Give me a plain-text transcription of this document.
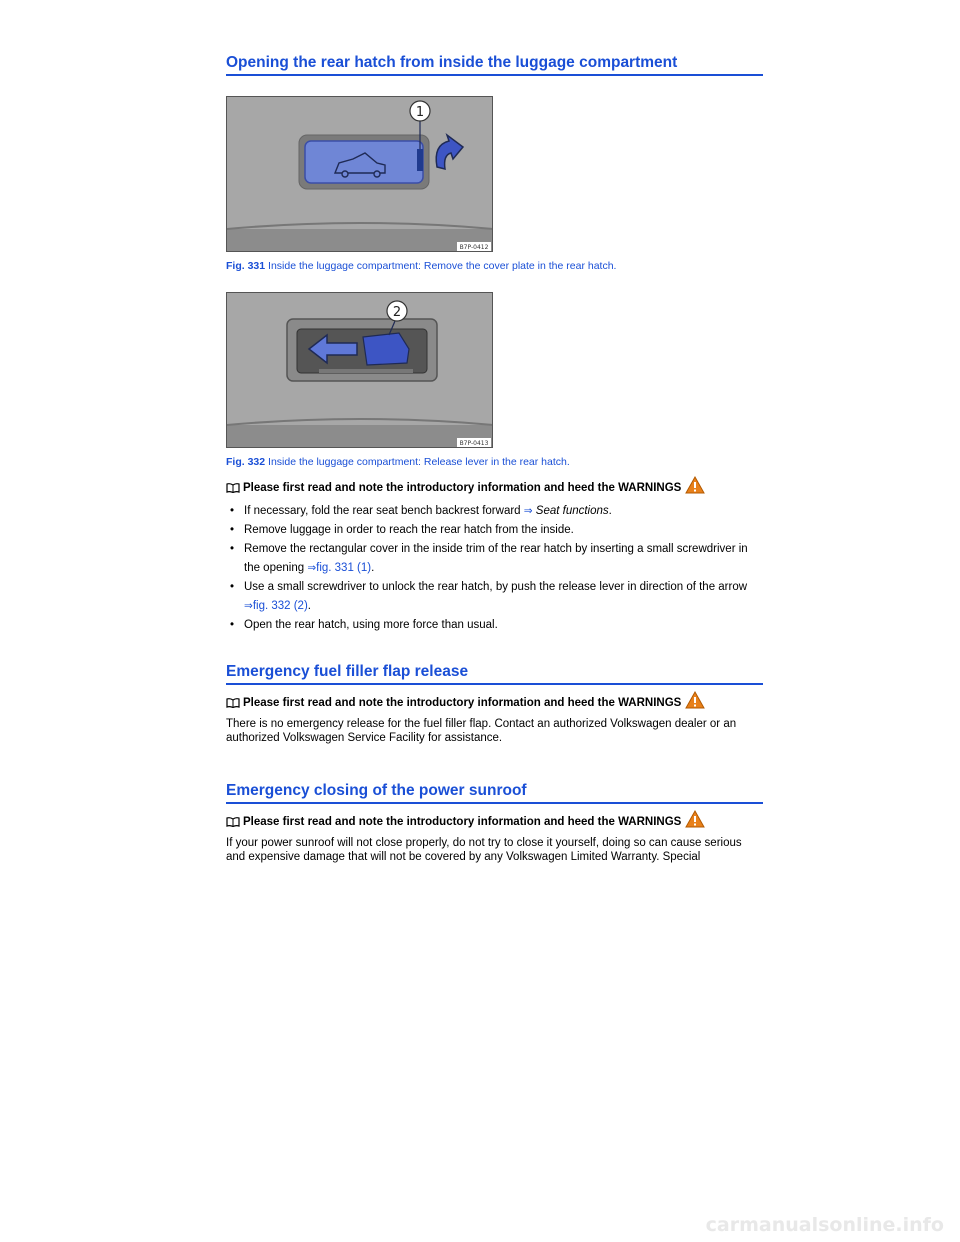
Opening the rear hatch from inside the luggage compartment
1
B7P-0412
Fig. 331 Inside the luggage compartment: Remove the cover plate in the rear hatch.
2
B7P-0413
Fig. 332 Inside the luggage compartment: Release lever in the rear hatch.
Please first read and note the introductory information and heed the WARNINGS
• If necessary, fold the rear seat bench backrest forward ⇒ Seat functions.
• Remove luggage in order to reach the rear hatch from the inside.
• Remove the rectangular cover in the inside trim of the rear hatch by inserting a small screwdriver in the opening ⇒fig. 331 (1).
• Use a small screwdriver to unlock the rear hatch, by push the release lever in direction of the arrow ⇒fig. 332 (2).
• Open the rear hatch, using more force than usual.
Emergency fuel filler flap release
Please first read and note the introductory information and heed the WARNINGS
There is no emergency release for the fuel filler flap. Contact an authorized Volkswagen dealer or an authorized Volkswagen Service Facility for assistance.
Emergency closing of the power sunroof
Please first read and note the introductory information and heed the WARNINGS
If your power sunroof will not close properly, do not try to close it yourself, doing so can cause serious and expensive damage that will not be covered by any Volkswagen Limited Warranty. Special
carmanualsonline.info
